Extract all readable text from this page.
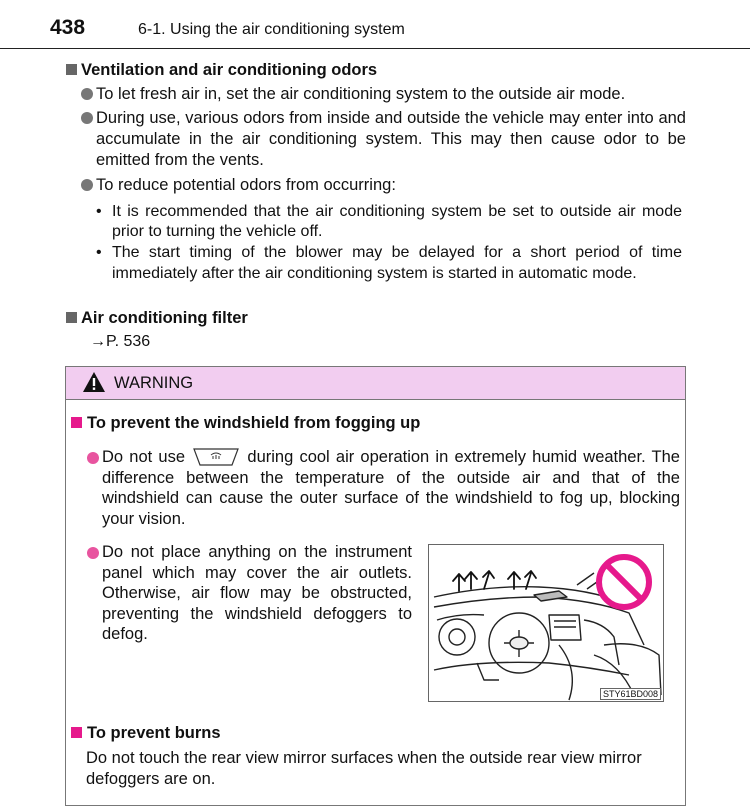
438	6-1. Using the air conditioning system
Ventilation and air conditioning odors
To let fresh air in, set the air conditioning system to the outside air mode.
During use, various odors from inside and outside the vehicle may enter into and accumulate in the air conditioning system. This may then cause odor to be emitted from the vents.
To reduce potential odors from occurring:
• It is recommended that the air conditioning system be set to outside air mode prior to turning the vehicle off.
• The start timing of the blower may be delayed for a short period of time immediately after the air conditioning system is started in automatic mode.
Air conditioning filter
→P. 536
WARNING
To prevent the windshield from fogging up
Do not use	during cool air operation in extremely humid weather. The difference between the temperature of the outside air and that of the windshield can cause the outer surface of the windshield to fog up, blocking your vision.
Do not place anything on the instrument panel which may cover the air outlets. Otherwise, air flow may be obstructed, preventing the windshield defoggers to defog.
STY61BD008
To prevent burns
Do not touch the rear view mirror surfaces when the outside rear view mirror defoggers are on.
